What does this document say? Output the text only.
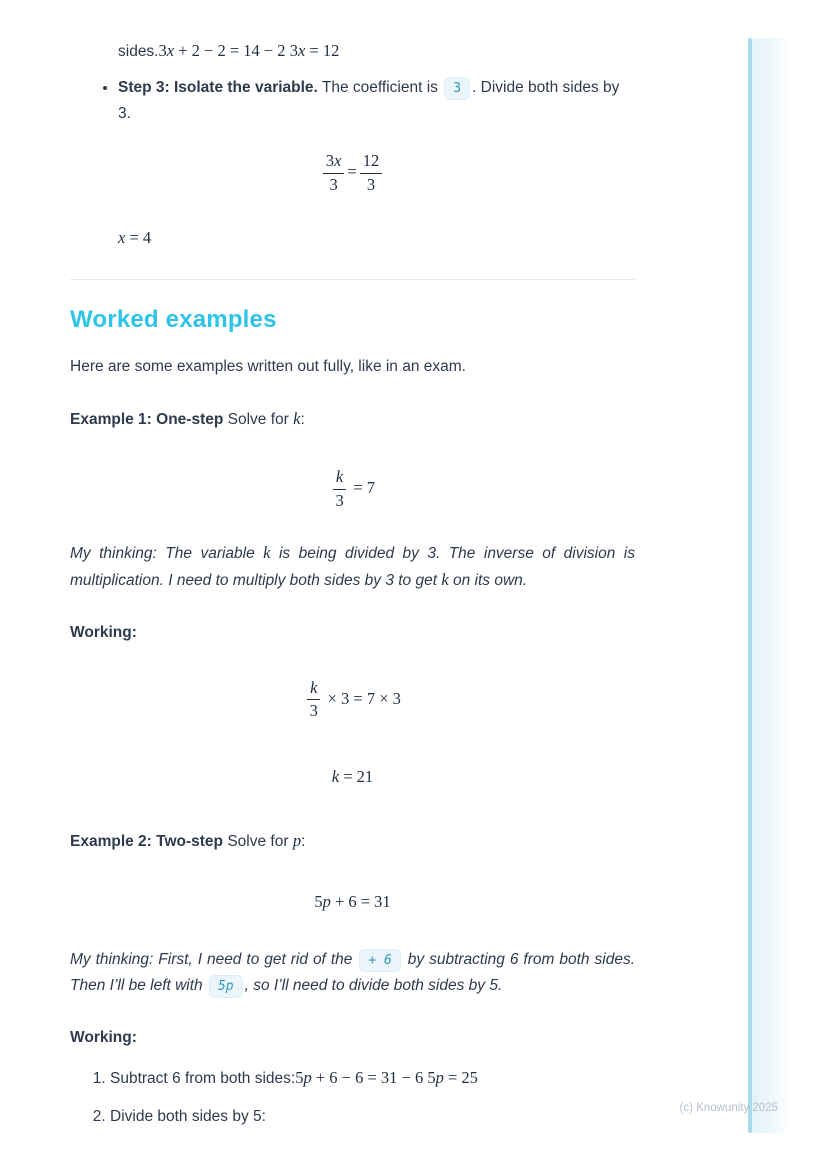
sides.3x + 2 − 2 = 14 − 2 3x = 12

• Step 3: Isolate the variable. The coefficient is 3 . Divide both sides by 3.
$\frac{3x}{3} = \frac{12}{3}$
x = 4
Worked examples

Here are some examples written out fully, like in an exam.

Example 1: One-step Solve for k:

$\frac{k}{3} = 7$

My thinking: The variable k is being divided by 3. The inverse of division is multiplication. I need to multiply both sides by 3 to get k on its own.

Working:

$\frac{k}{3} \times 3 = 7 \times 3$
k = 21

Example 2: Two-step Solve for p:

5p + 6 = 31

My thinking: First, I need to get rid of the + 6 by subtracting 6 from both sides. Then I’ll be left with 5p , so I’ll need to divide both sides by 5.

Working:

1. Subtract 6 from both sides:5p + 6 − 6 = 31 − 6 5p = 25
2. Divide both sides by 5:	(c) Knowunity 2025
